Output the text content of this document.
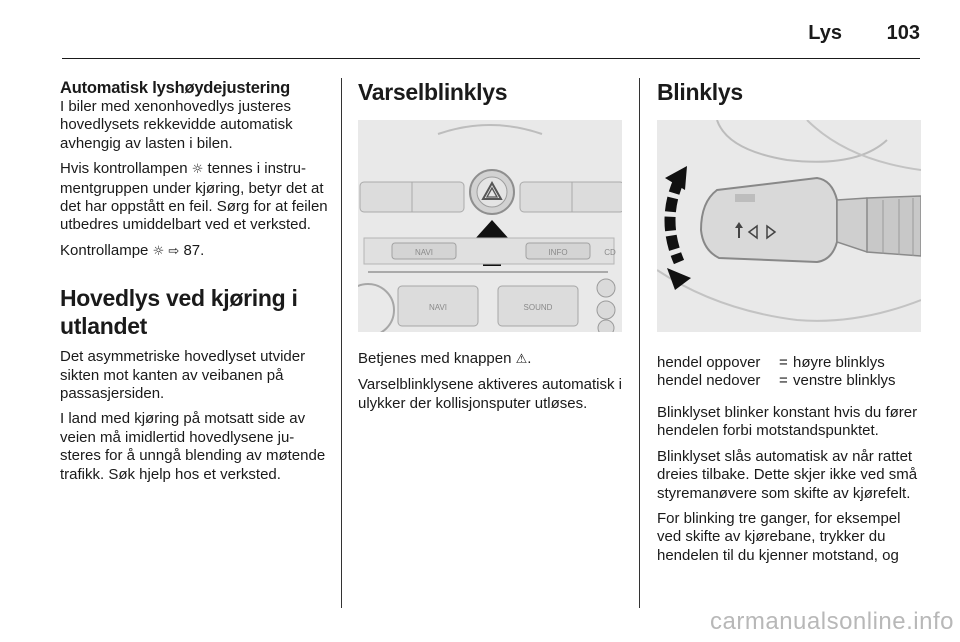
Lys 103
Automatisk lyshøydejustering

I biler med xenonhovedlys justeres hovedlysets rekkevidde automatisk avhengig av lasten i bilen.

Hvis kontrollampen ☼ tennes i instrumentgruppen under kjøring, betyr det at det har oppstått en feil. Sørg for at feilen utbedres umiddelbart ved et verksted.

Kontrollampe ☼ ⇨ 87.

Hovedlys ved kjøring i utlandet

Det asymmetriske hovedlyset utvider sikten mot kanten av veibanen på passasjersiden.

I land med kjøring på motsatt side av veien må imidlertid hovedlysene justeres for å unngå blending av møtende trafikk. Søk hjelp hos et verksted.

Varselblinklys
NAVI	INFO	CD
NAVI	SOUND

Betjenes med knappen ⚠.

Varselblinklysene aktiveres automatisk i ulykker der kollisjonsputer utløses.

Blinklys
hendel oppover	= høyre blinklys
hendel nedover	= venstre blinklys

Blinklyset blinker konstant hvis du fører hendelen forbi motstandspunktet.

Blinklyset slås automatisk av når rattet dreies tilbake. Dette skjer ikke ved små styremanøvere som skifte av kjørefelt.

For blinking tre ganger, for eksempel ved skifte av kjørebane, trykker du hendelen til du kjenner motstand, og

carmanualsonline.info
